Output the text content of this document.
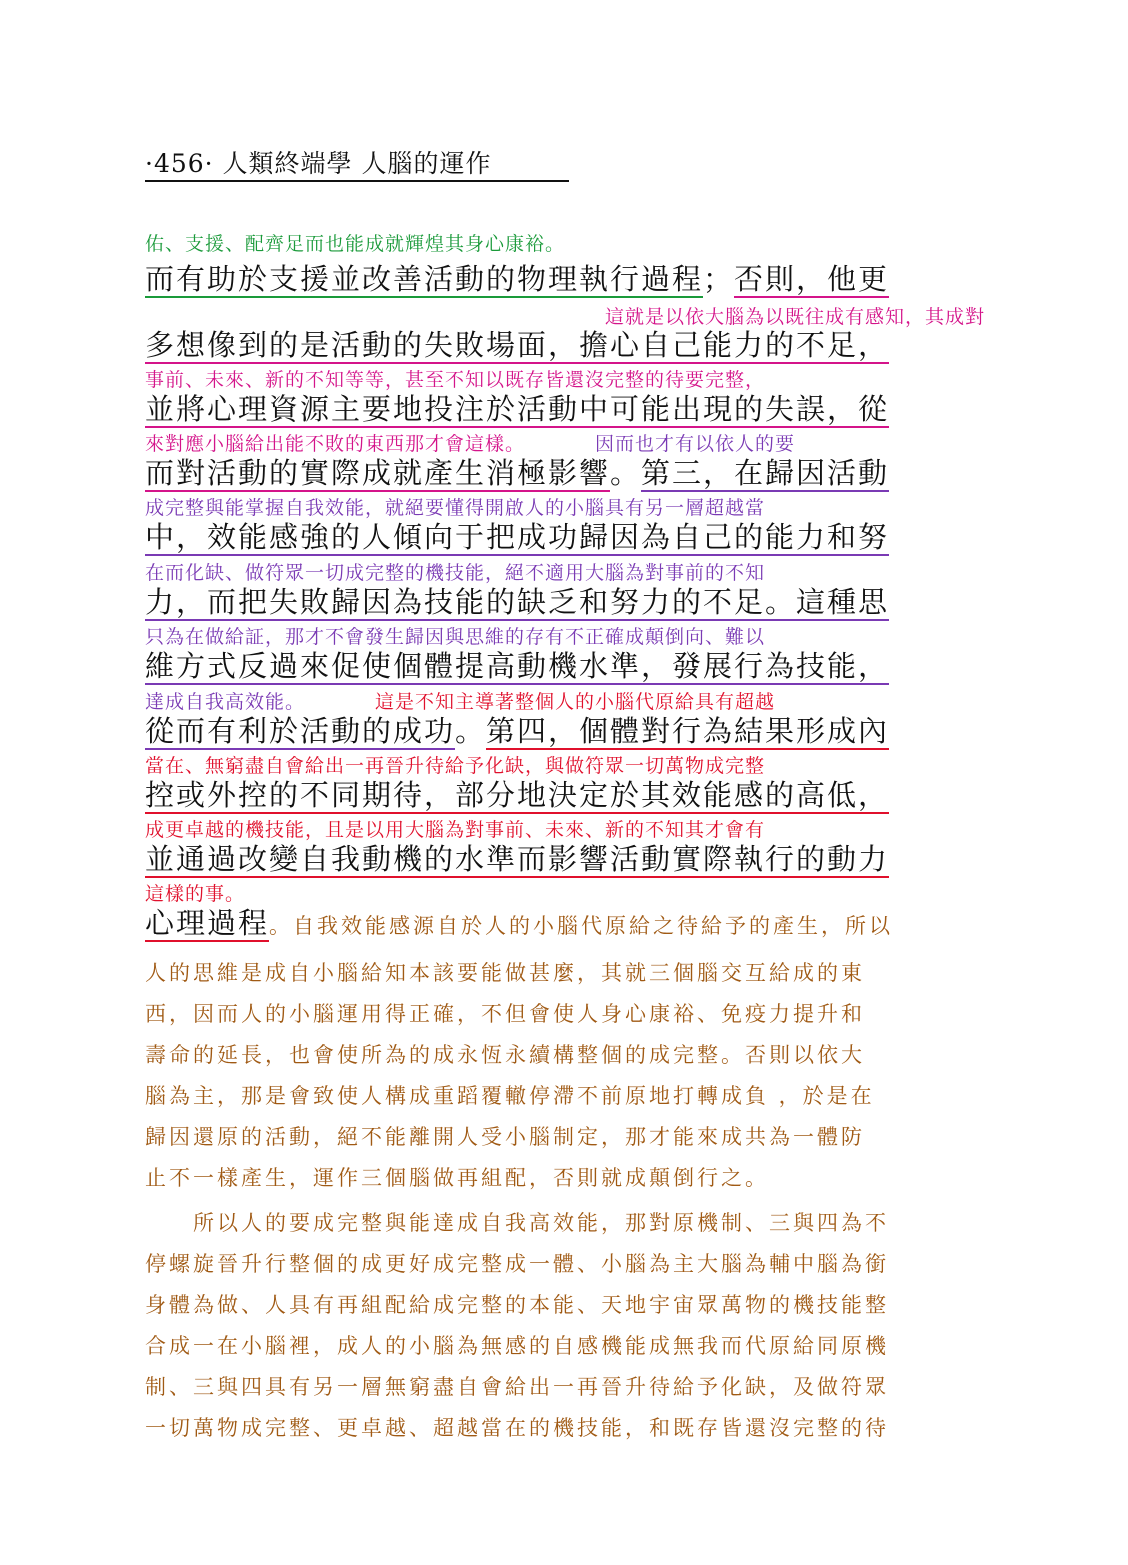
·456· 人類終端學 人腦的運作
佑、支援、配齊足而也能成就輝煌其身心康裕。
而有助於支援並改善活動的物理執行過程；否則，他更
這就是以依大腦為以既往成有感知，其成對
多想像到的是活動的失敗場面，擔心自己能力的不足，
事前、未來、新的不知等等，甚至不知以既存皆還沒完整的待要完整，
並將心理資源主要地投注於活動中可能出現的失誤，從
來對應小腦給出能不敗的東西那才會這樣。	因而也才有以依人的要
而對活動的實際成就產生消極影響。第三，在歸因活動
成完整與能掌握自我效能，就絕要懂得開啟人的小腦具有另一層超越當
中，效能感強的人傾向于把成功歸因為自己的能力和努
在而化缺、做符眾一切成完整的機技能，絕不適用大腦為對事前的不知
力，而把失敗歸因為技能的缺乏和努力的不足。這種思
只為在做給証，那才不會發生歸因與思維的存有不正確成顛倒向、難以
維方式反過來促使個體提高動機水準，發展行為技能，
達成自我高效能。	這是不知主導著整個人的小腦代原給具有超越
從而有利於活動的成功。第四，個體對行為結果形成內
當在、無窮盡自會給出一再晉升待給予化缺，與做符眾一切萬物成完整
控或外控的不同期待，部分地決定於其效能感的高低，
成更卓越的機技能，且是以用大腦為對事前、未來、新的不知其才會有
並通過改變自我動機的水準而影響活動實際執行的動力
這樣的事。
心理過程。自我效能感源自於人的小腦代原給之待給予的產生，所以
人的思維是成自小腦給知本該要能做甚麼，其就三個腦交互給成的東
西，因而人的小腦運用得正確，不但會使人身心康裕、免疫力提升和
壽命的延長，也會使所為的成永恆永續構整個的成完整。否則以依大
腦為主，那是會致使人構成重蹈覆轍停滯不前原地打轉成負 ，於是在
歸因還原的活動，絕不能離開人受小腦制定，那才能來成共為一體防
止不一樣產生，運作三個腦做再組配，否則就成顛倒行之。
所以人的要成完整與能達成自我高效能，那對原機制、三與四為不
停螺旋晉升行整個的成更好成完整成一體、小腦為主大腦為輔中腦為銜
身體為做、人具有再組配給成完整的本能、天地宇宙眾萬物的機技能整
合成一在小腦裡，成人的小腦為無感的自感機能成無我而代原給同原機
制、三與四具有另一層無窮盡自會給出一再晉升待給予化缺，及做符眾
一切萬物成完整、更卓越、超越當在的機技能，和既存皆還沒完整的待
